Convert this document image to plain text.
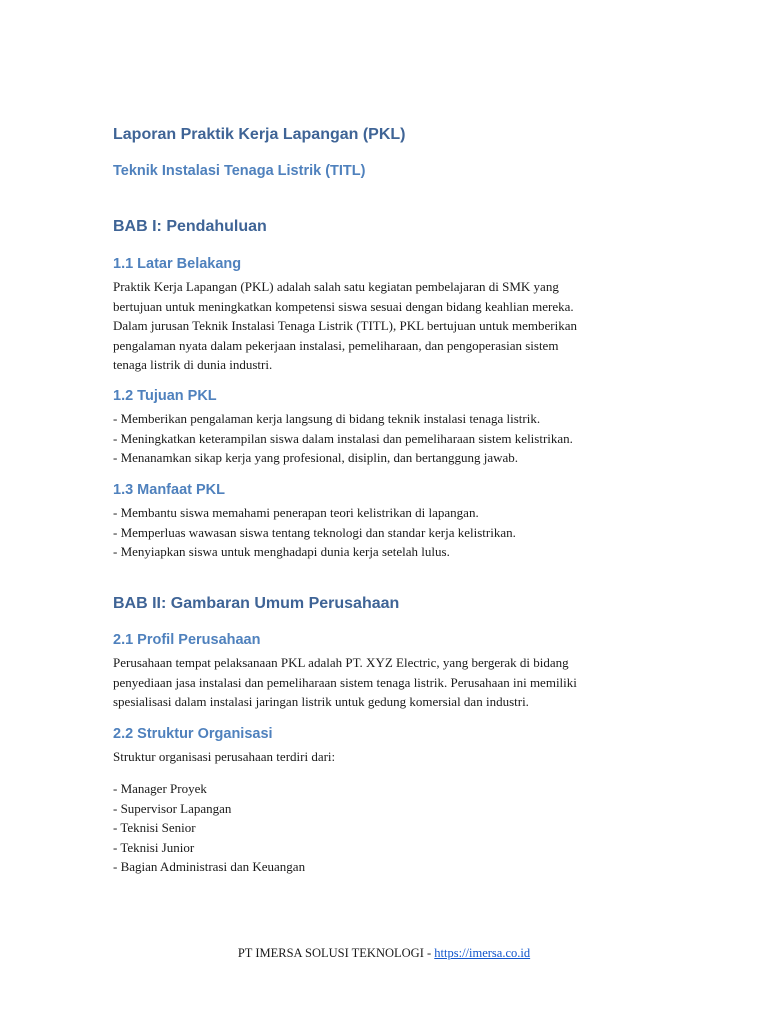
Laporan Praktik Kerja Lapangan (PKL)
Teknik Instalasi Tenaga Listrik (TITL)
BAB I: Pendahuluan
1.1 Latar Belakang
Praktik Kerja Lapangan (PKL) adalah salah satu kegiatan pembelajaran di SMK yang
bertujuan untuk meningkatkan kompetensi siswa sesuai dengan bidang keahlian mereka.
Dalam jurusan Teknik Instalasi Tenaga Listrik (TITL), PKL bertujuan untuk memberikan
pengalaman nyata dalam pekerjaan instalasi, pemeliharaan, dan pengoperasian sistem
tenaga listrik di dunia industri.
1.2 Tujuan PKL
- Memberikan pengalaman kerja langsung di bidang teknik instalasi tenaga listrik.
- Meningkatkan keterampilan siswa dalam instalasi dan pemeliharaan sistem kelistrikan.
- Menanamkan sikap kerja yang profesional, disiplin, dan bertanggung jawab.
1.3 Manfaat PKL
- Membantu siswa memahami penerapan teori kelistrikan di lapangan.
- Memperluas wawasan siswa tentang teknologi dan standar kerja kelistrikan.
- Menyiapkan siswa untuk menghadapi dunia kerja setelah lulus.
BAB II: Gambaran Umum Perusahaan
2.1 Profil Perusahaan
Perusahaan tempat pelaksanaan PKL adalah PT. XYZ Electric, yang bergerak di bidang
penyediaan jasa instalasi dan pemeliharaan sistem tenaga listrik. Perusahaan ini memiliki
spesialisasi dalam instalasi jaringan listrik untuk gedung komersial dan industri.
2.2 Struktur Organisasi
Struktur organisasi perusahaan terdiri dari:
- Manager Proyek
- Supervisor Lapangan
- Teknisi Senior
- Teknisi Junior
- Bagian Administrasi dan Keuangan
PT IMERSA SOLUSI TEKNOLOGI - https://imersa.co.id
